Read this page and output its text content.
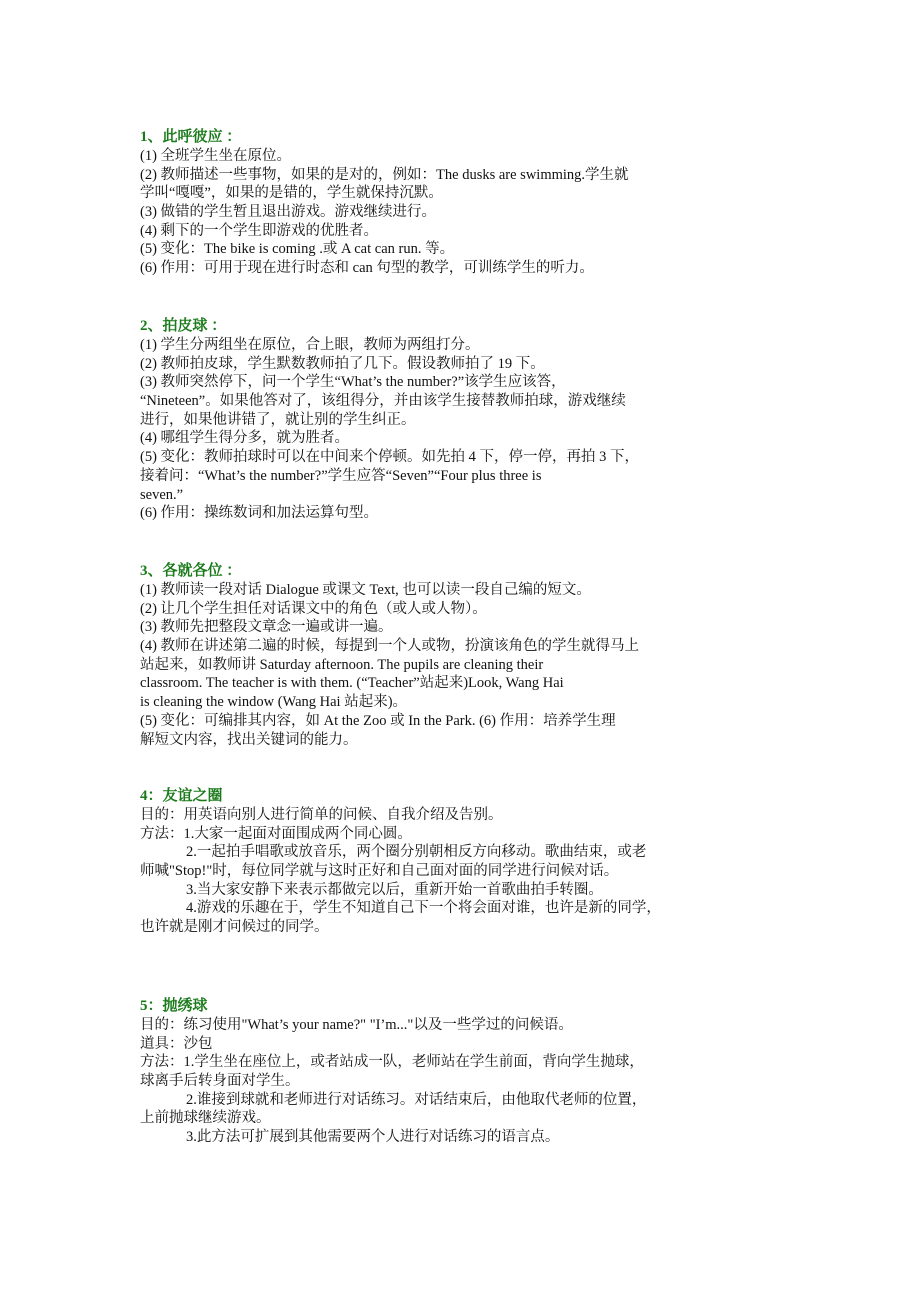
1、此呼彼应 ：
(1) 全班学生坐在原位。
(2) 教师描述一些事物，如果的是对的，例如：The dusks are swimming.学生就
学叫“嘎嘎”，如果的是错的，学生就保持沉默。
(3) 做错的学生暂且退出游戏。游戏继续进行。
(4) 剩下的一个学生即游戏的优胜者。
(5) 变化：The bike is coming .或 A cat can run. 等。
(6) 作用：可用于现在进行时态和 can 句型的教学，可训练学生的听力。
2、拍皮球 ：
(1) 学生分两组坐在原位，合上眼，教师为两组打分。
(2) 教师拍皮球，学生默数教师拍了几下。假设教师拍了 19 下。
(3) 教师突然停下，问一个学生“What’s the number?”该学生应该答，
“Nineteen”。如果他答对了，该组得分，并由该学生接替教师拍球，游戏继续
进行，如果他讲错了，就让别的学生纠正。
(4) 哪组学生得分多，就为胜者。
(5) 变化：教师拍球时可以在中间来个停顿。如先拍 4 下，停一停，再拍 3 下，
接着问：“What’s the number?”学生应答“Seven”“Four plus three is
seven.”
(6) 作用：操练数词和加法运算句型。
3、各就各位 ：
(1) 教师读一段对话 Dialogue 或课文 Text, 也可以读一段自己编的短文。
(2) 让几个学生担任对话课文中的角色（或人或人物）。
(3) 教师先把整段文章念一遍或讲一遍。
(4) 教师在讲述第二遍的时候，每提到一个人或物，扮演该角色的学生就得马上
站起来，如教师讲 Saturday afternoon. The pupils are cleaning their
classroom. The teacher is with them. (“Teacher”站起来)Look, Wang Hai
is cleaning the window (Wang Hai 站起来)。
(5) 变化：可编排其内容，如 At the Zoo 或 In the Park. (6) 作用：培养学生理
解短文内容，找出关键词的能力。
4：友谊之圈
目的：用英语向别人进行简单的问候、自我介绍及告别。
方法：1.大家一起面对面围成两个同心圆。
2.一起拍手唱歌或放音乐，两个圈分别朝相反方向移动。歌曲结束，或老
师喊"Stop!"时，每位同学就与这时正好和自己面对面的同学进行问候对话。
3.当大家安静下来表示都做完以后，重新开始一首歌曲拍手转圈。
4.游戏的乐趣在于，学生不知道自己下一个将会面对谁，也许是新的同学，
也许就是刚才问候过的同学。
5：抛绣球
目的：练习使用"What’s your name?" "I’m..."以及一些学过的问候语。
道具：沙包
方法：1.学生坐在座位上，或者站成一队，老师站在学生前面，背向学生抛球，
球离手后转身面对学生。
2.谁接到球就和老师进行对话练习。对话结束后，由他取代老师的位置，
上前抛球继续游戏。
3.此方法可扩展到其他需要两个人进行对话练习的语言点。
